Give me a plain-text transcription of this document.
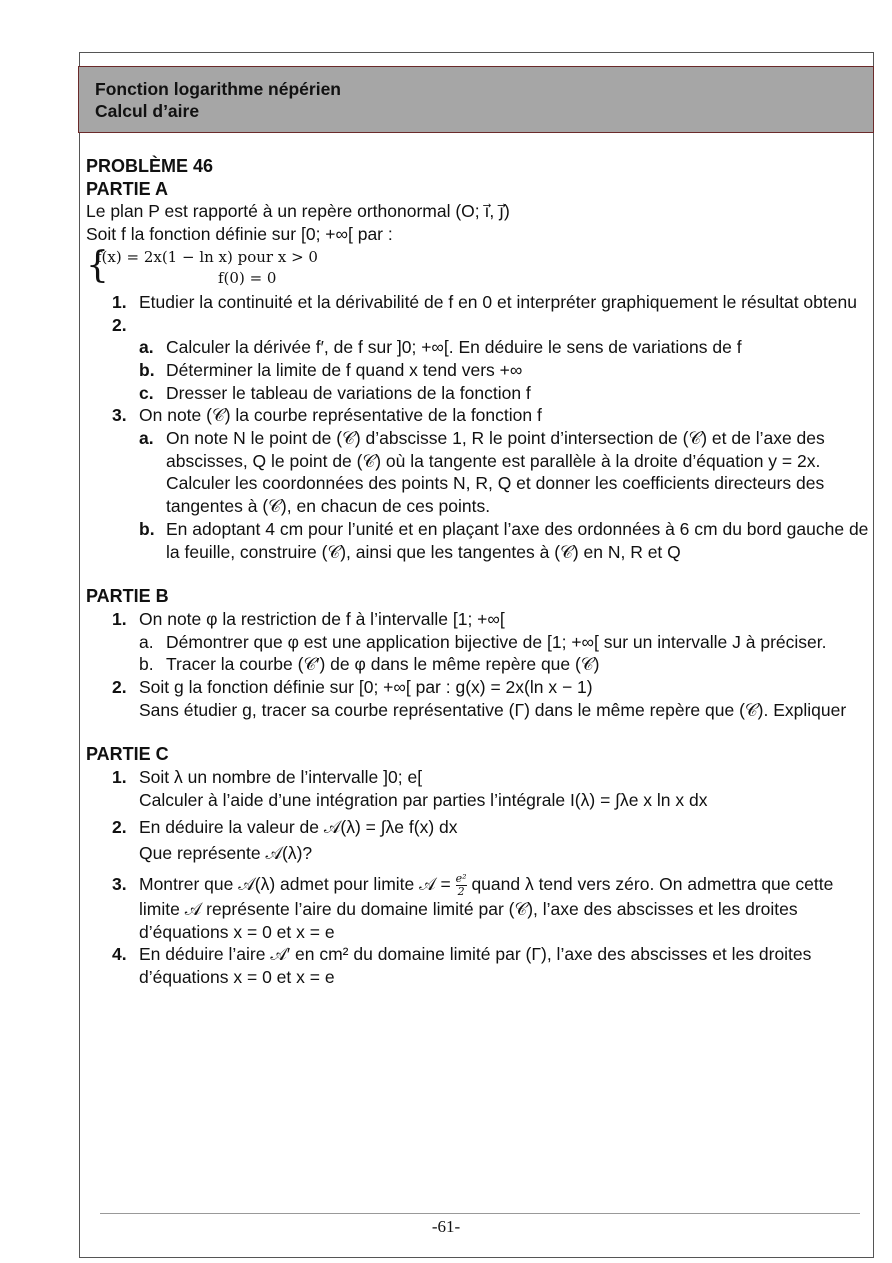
Fonction logarithme népérien
Calcul d’aire
PROBLÈME 46
PARTIE A
Le plan P est rapporté à un repère orthonormal (O; i⃗, j⃗)
Soit f la fonction définie sur [0; +∞[ par :
{
f(x) = 2x(1 − ln x) pour x > 0
f(0) = 0
1. Etudier la continuité et la dérivabilité de f en 0 et interpréter graphiquement le résultat obtenu
2.

a. Calculer la dérivée f′, de f sur ]0; +∞[. En déduire le sens de variations de f
b. Déterminer la limite de f quand x tend vers +∞
c. Dresser le tableau de variations de la fonction f
3. On note (𝒞) la courbe représentative de la fonction f
a. On note N le point de (𝒞) d’abscisse 1, R le point d’intersection de (𝒞) et de l’axe des abscisses, Q le point de (𝒞) où la tangente est parallèle à la droite d’équation y = 2x. Calculer les coordonnées des points N, R, Q et donner les coefficients directeurs des tangentes à (𝒞), en chacun de ces points.
b. En adoptant 4 cm pour l’unité et en plaçant l’axe des ordonnées à 6 cm du bord gauche de la feuille, construire (𝒞), ainsi que les tangentes à (𝒞) en N, R et Q
PARTIE B
1. On note φ la restriction de f à l’intervalle [1; +∞[
a. Démontrer que φ est une application bijective de [1; +∞[ sur un intervalle J à préciser.
b. Tracer la courbe (𝒞′) de φ dans le même repère que (𝒞)
2. Soit g la fonction définie sur [0; +∞[ par : g(x) = 2x(ln x − 1)
Sans étudier g, tracer sa courbe représentative (Γ) dans le même repère que (𝒞). Expliquer
PARTIE C
1. Soit λ un nombre de l’intervalle ]0; e[
Calculer à l’aide d’une intégration par parties l’intégrale I(λ) = ∫λe x ln x dx
2. En déduire la valeur de 𝒜(λ) = ∫λe f(x) dx
Que représente 𝒜(λ)?
3. Montrer que 𝒜(λ) admet pour limite 𝒜 = $\frac{\text{e²}}{2}$ quand λ tend vers zéro. On admettra que cette limite 𝒜 représente l’aire du domaine limité par (𝒞), l’axe des abscisses et les droites d’équations x = 0 et x = e
4. En déduire l’aire 𝒜′ en cm² du domaine limité par (Γ), l’axe des abscisses et les droites d’équations x = 0 et x = e
-61-
